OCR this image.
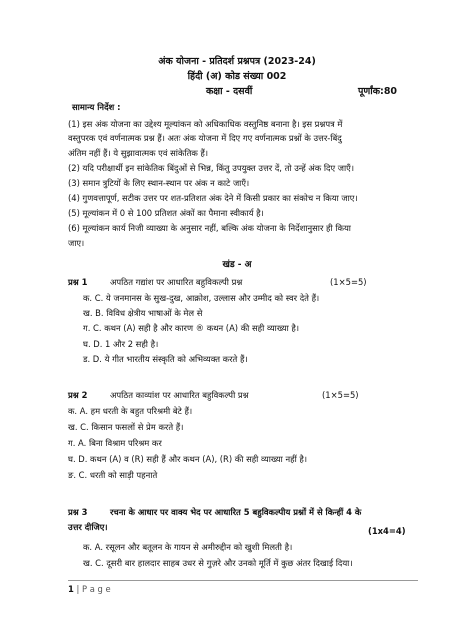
अंक योजना - प्रतिदर्श प्रश्नपत्र (2023-24)
हिंदी (अ) कोड संख्या 002
कक्षा - दसवीं	पूर्णांक:80
सामान्य निर्देश :
(1) इस अंक योजना का उद्देश्य मूल्यांकन को अधिकाधिक वस्तुनिष्ठ बनाना है। इस प्रश्नपत्र में
वस्तुपरक एवं वर्णनात्मक प्रश्न हैं। अतः अंक योजना में दिए गए वर्णनात्मक प्रश्नों के उत्तर-बिंदु
अंतिम नहीं हैं। ये सुझावात्मक एवं सांकेतिक हैं।
(2) यदि परीक्षार्थी इन सांकेतिक बिंदुओं से भिन्न, किंतु उपयुक्त उत्तर दें, तो उन्हें अंक दिए जाएँ।
(3) समान त्रुटियों के लिए स्थान-स्थान पर अंक न काटे जाएँ।
(4) गुणवत्तापूर्ण, सटीक उत्तर पर शत-प्रतिशत अंक देने में किसी प्रकार का संकोच न किया जाए।
(5) मूल्यांकन में 0 से 100 प्रतिशत अंकों का पैमाना स्वीकार्य है।
(6) मूल्यांकन कार्य निजी व्याख्या के अनुसार नहीं, बल्कि अंक योजना के निर्देशानुसार ही किया
जाए।
खंड - अ
प्रश्न 1	अपठित गद्यांश पर आधारित बहुविकल्पी प्रश्न	(1×5=5)
क. C. ये जनमानस के सुख-दुख, आक्रोश, उल्लास और उम्मीद को स्वर देते हैं।
ख. B. विविध क्षेत्रीय भाषाओं के मेल से
ग. C. कथन (A) सही है और कारण ® कथन (A) की सही व्याख्या है।
घ. D. 1 और 2 सही है।
ड. D. ये गीत भारतीय संस्कृति को अभिव्यक्त करते हैं।
प्रश्न 2	अपठित काव्यांश पर आधारित बहुविकल्पी प्रश्न	(1×5=5)
क. A. हम धरती के बहुत परिश्रमी बेटे हैं।
ख. C. किसान फसलों से प्रेम करते हैं।
ग. A. बिना विश्राम परिश्रम कर
घ. D. कथन (A) व (R) सही हैं और कथन (A), (R) की सही व्याख्या नहीं है।
ङ. C. धरती को साड़ी पहनाते
प्रश्न 3	रचना के आधार पर वाक्य भेद पर आधारित 5 बहुविकल्पीय प्रश्नों में से किन्हीं 4 के
उत्तर दीजिए।	(1x4=4)
क. A. रसूलन और बतूलन के गायन से अमीरुद्दीन को खुशी मिलती है।
ख. C. दूसरी बार हालदार साहब उधर से गुज़रे और उनको मूर्ति में कुछ अंतर दिखाई दिया।
1 | P a g e
